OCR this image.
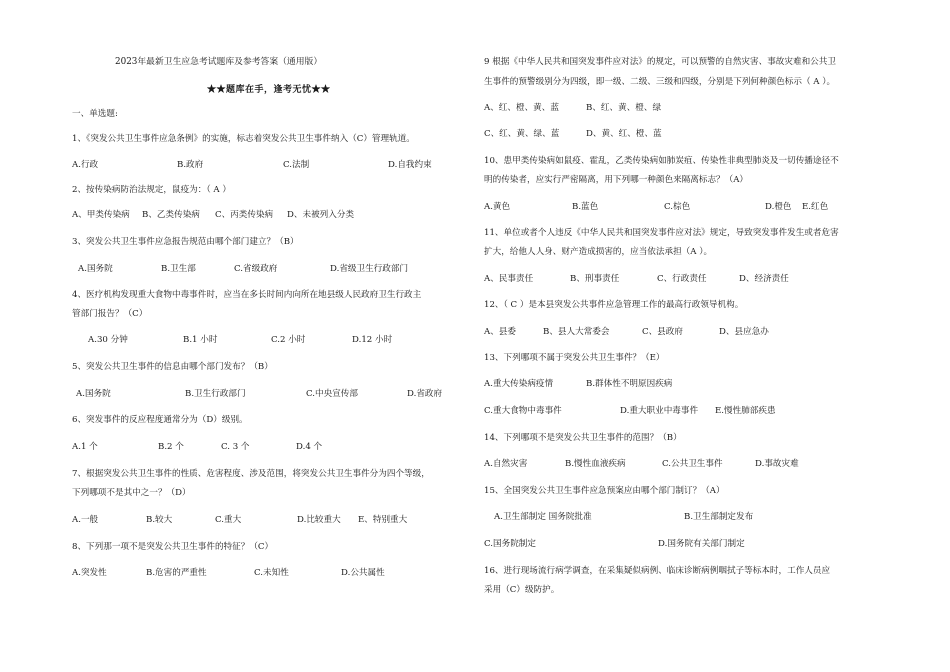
2023年最新卫生应急考试题库及参考答案（通用版）
★★题库在手，逢考无忧★★
一、单选题:
1、《突发公共卫生事件应急条例》的实施，标志着突发公共卫生事件纳入（C）管理轨道。
A.行政	B.政府	C.法制	D.自我约束
2、按传染病防治法规定，鼠疫为：（ A ）
A、甲类传染病 B、乙类传染病 C、丙类传染病 D、未被列入分类
3、突发公共卫生事件应急报告规范由哪个部门建立？（B）
A.国务院	B.卫生部	C.省级政府	D.省级卫生行政部门
4、医疗机构发现重大食物中毒事件时，应当在多长时间内向所在地县级人民政府卫生行政主
管部门报告？（C）
A.30 分钟	B.1 小时	C.2 小时	D.12 小时
5、突发公共卫生事件的信息由哪个部门发布？（B）
A.国务院	B.卫生行政部门	C.中央宣传部	D.省政府
6、突发事件的反应程度通常分为（D）级别。
A.1 个	B.2 个	C. 3 个	D.4 个
7、根据突发公共卫生事件的性质、危害程度、涉及范围，将突发公共卫生事件分为四个等级，
下列哪项不是其中之一？（D）
A.一般	B.较大	C.重大	D.比较重大 E、特别重大
8、下列那一项不是突发公共卫生事件的特征？（C）
A.突发性	B.危害的严重性	C.未知性	D.公共属性
9 根据《中华人民共和国突发事件应对法》的规定，可以预警的自然灾害、事故灾难和公共卫
生事件的预警级别分为四级，即一级、二级、三级和四级，分别是下列何种颜色标示（ A ）。
A、红、橙、黄、蓝	B、红、黄、橙、绿
C、红、黄、绿、蓝	D、黄、红、橙、蓝
10、患甲类传染病如鼠疫、霍乱，乙类传染病如肺炭疽、传染性非典型肺炎及一切传播途径不
明的传染者，应实行严密隔离，用下列哪一种颜色来隔离标志？（A）
A.黄色	B.蓝色	C.棕色	D.橙色 E.红色
11、单位或者个人违反《中华人民共和国突发事件应对法》规定，导致突发事件发生或者危害
扩大，给他人人身、财产造成损害的，应当依法承担（A ）。
A、民事责任	B、刑事责任	C、行政责任	D、经济责任
12、（ C ）是本县突发公共事件应急管理工作的最高行政领导机构。
A、县委	B、县人大常委会	C、县政府	D、县应急办
13、下列哪项不属于突发公共卫生事件？（E）
A.重大传染病疫情	B.群体性不明原因疾病
C.重大食物中毒事件	D.重大职业中毒事件 E.慢性肺部疾患
14、下列哪项不是突发公共卫生事件的范围？（B）
A.自然灾害	B.慢性血液疾病	C.公共卫生事件	D.事故灾难
15、全国突发公共卫生事件应急预案应由哪个部门制订？（A）
A.卫生部制定 国务院批准	B.卫生部制定发布
C.国务院制定	D.国务院有关部门制定
16、进行现场流行病学调查，在采集疑似病例、临床诊断病例咽拭子等标本时，工作人员应
采用（C）级防护。
